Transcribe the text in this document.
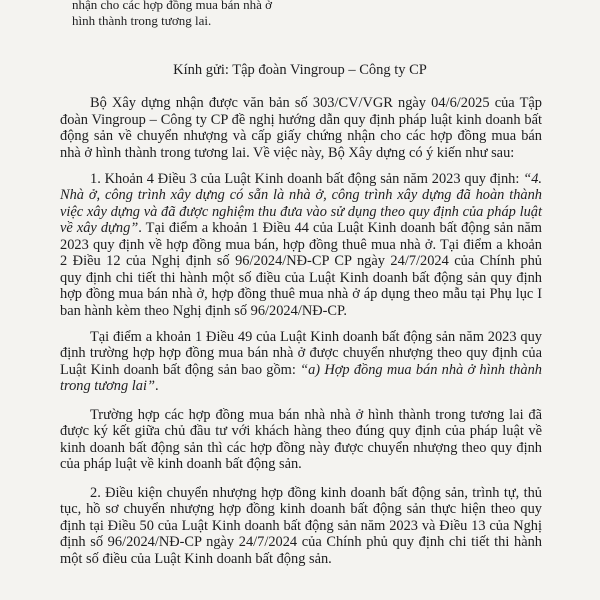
nhận cho các hợp đồng mua bán nhà ở
hình thành trong tương lai.
Kính gửi: Tập đoàn Vingroup – Công ty CP

Bộ Xây dựng nhận được văn bản số 303/CV/VGR ngày 04/6/2025 của Tập đoàn Vingroup – Công ty CP đề nghị hướng dẫn quy định pháp luật kinh doanh bất động sản về chuyển nhượng và cấp giấy chứng nhận cho các hợp đồng mua bán nhà ở hình thành trong tương lai. Về việc này, Bộ Xây dựng có ý kiến như sau:

1. Khoản 4 Điều 3 của Luật Kinh doanh bất động sản năm 2023 quy định: “4. Nhà ở, công trình xây dựng có sẵn là nhà ở, công trình xây dựng đã hoàn thành việc xây dựng và đã được nghiệm thu đưa vào sử dụng theo quy định của pháp luật về xây dựng”. Tại điểm a khoản 1 Điều 44 của Luật Kinh doanh bất động sản năm 2023 quy định về hợp đồng mua bán, hợp đồng thuê mua nhà ở. Tại điểm a khoản 2 Điều 12 của Nghị định số 96/2024/NĐ-CP CP ngày 24/7/2024 của Chính phủ quy định chi tiết thi hành một số điều của Luật Kinh doanh bất động sản quy định hợp đồng mua bán nhà ở, hợp đồng thuê mua nhà ở áp dụng theo mẫu tại Phụ lục I ban hành kèm theo Nghị định số 96/2024/NĐ-CP.

Tại điểm a khoản 1 Điều 49 của Luật Kinh doanh bất động sản năm 2023 quy định trường hợp hợp đồng mua bán nhà ở được chuyển nhượng theo quy định của Luật Kinh doanh bất động sản bao gồm: “a) Hợp đồng mua bán nhà ở hình thành trong tương lai”.

Trường hợp các hợp đồng mua bán nhà nhà ở hình thành trong tương lai đã được ký kết giữa chủ đầu tư với khách hàng theo đúng quy định của pháp luật về kinh doanh bất động sản thì các hợp đồng này được chuyển nhượng theo quy định của pháp luật về kinh doanh bất động sản.

2. Điều kiện chuyển nhượng hợp đồng kinh doanh bất động sản, trình tự, thủ tục, hồ sơ chuyển nhượng hợp đồng kinh doanh bất động sản thực hiện theo quy định tại Điều 50 của Luật Kinh doanh bất động sản năm 2023 và Điều 13 của Nghị định số 96/2024/NĐ-CP ngày 24/7/2024 của Chính phủ quy định chi tiết thi hành một số điều của Luật Kinh doanh bất động sản.
